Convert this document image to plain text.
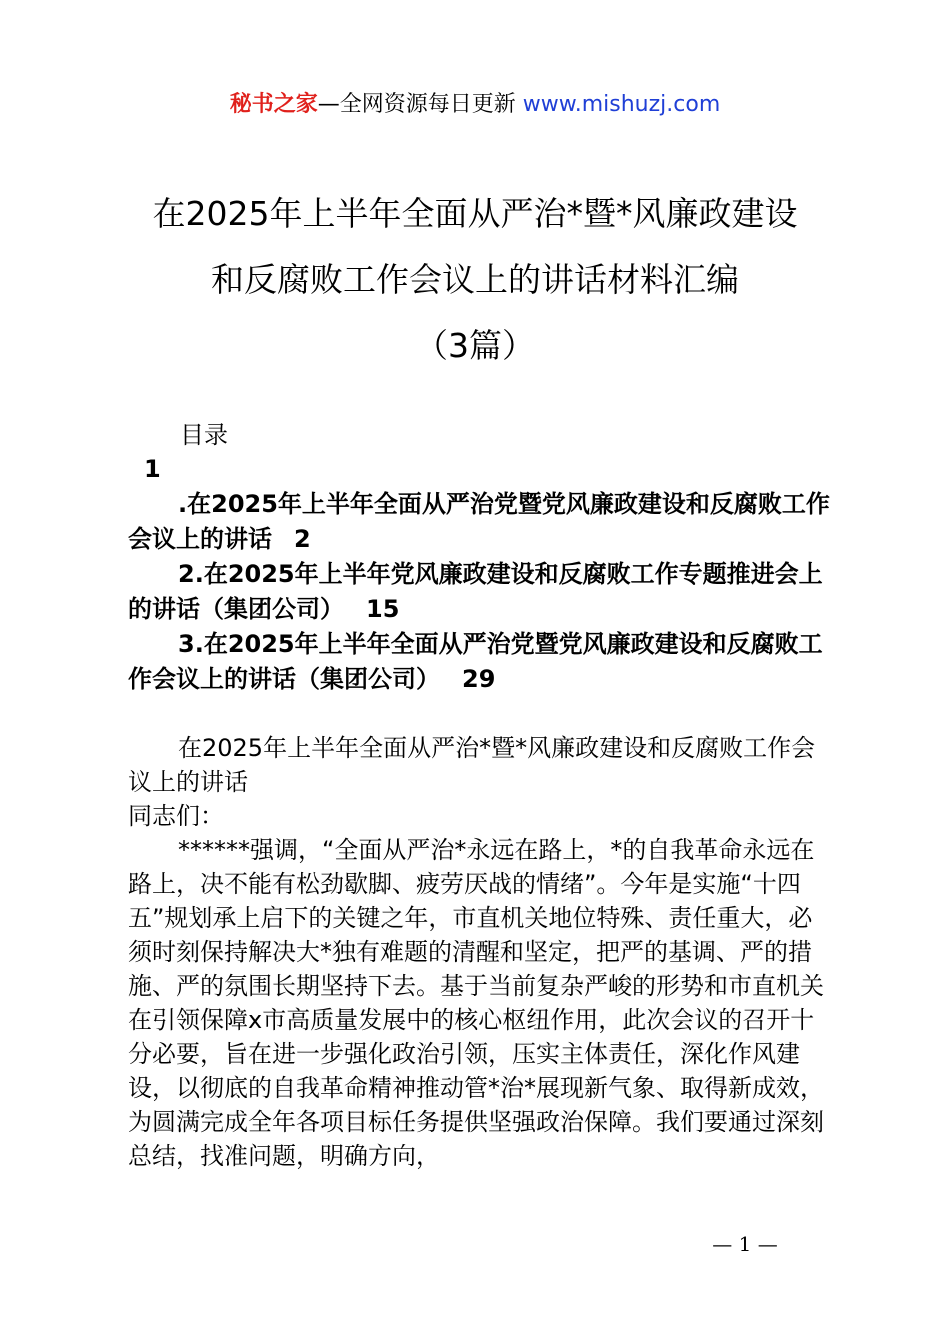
秘书之家—全网资源每日更新 www.mishuzj.com
在2025年上半年全面从严治*暨*风廉政建设
和反腐败工作会议上的讲话材料汇编
（3篇）
目录

1

.在2025年上半年全面从严治党暨党风廉政建设和反腐败工作会议上的讲话 2

2.在2025年上半年党风廉政建设和反腐败工作专题推进会上的讲话（集团公司） 15

3.在2025年上半年全面从严治党暨党风廉政建设和反腐败工作会议上的讲话（集团公司） 29

在2025年上半年全面从严治*暨*风廉政建设和反腐败工作会议上的讲话

同志们：

******强调，“全面从严治*永远在路上，*的自我革命永远在路上，决不能有松劲歇脚、疲劳厌战的情绪”。今年是实施“十四五”规划承上启下的关键之年，市直机关地位特殊、责任重大，必须时刻保持解决大*独有难题的清醒和坚定，把严的基调、严的措施、严的氛围长期坚持下去。基于当前复杂严峻的形势和市直机关在引领保障x市高质量发展中的核心枢纽作用，此次会议的召开十分必要，旨在进一步强化政治引领，压实主体责任，深化作风建设，以彻底的自我革命精神推动管*治*展现新气象、取得新成效，为圆满完成全年各项目标任务提供坚强政治保障。我们要通过深刻总结，找准问题，明确方向，

— 1 —
